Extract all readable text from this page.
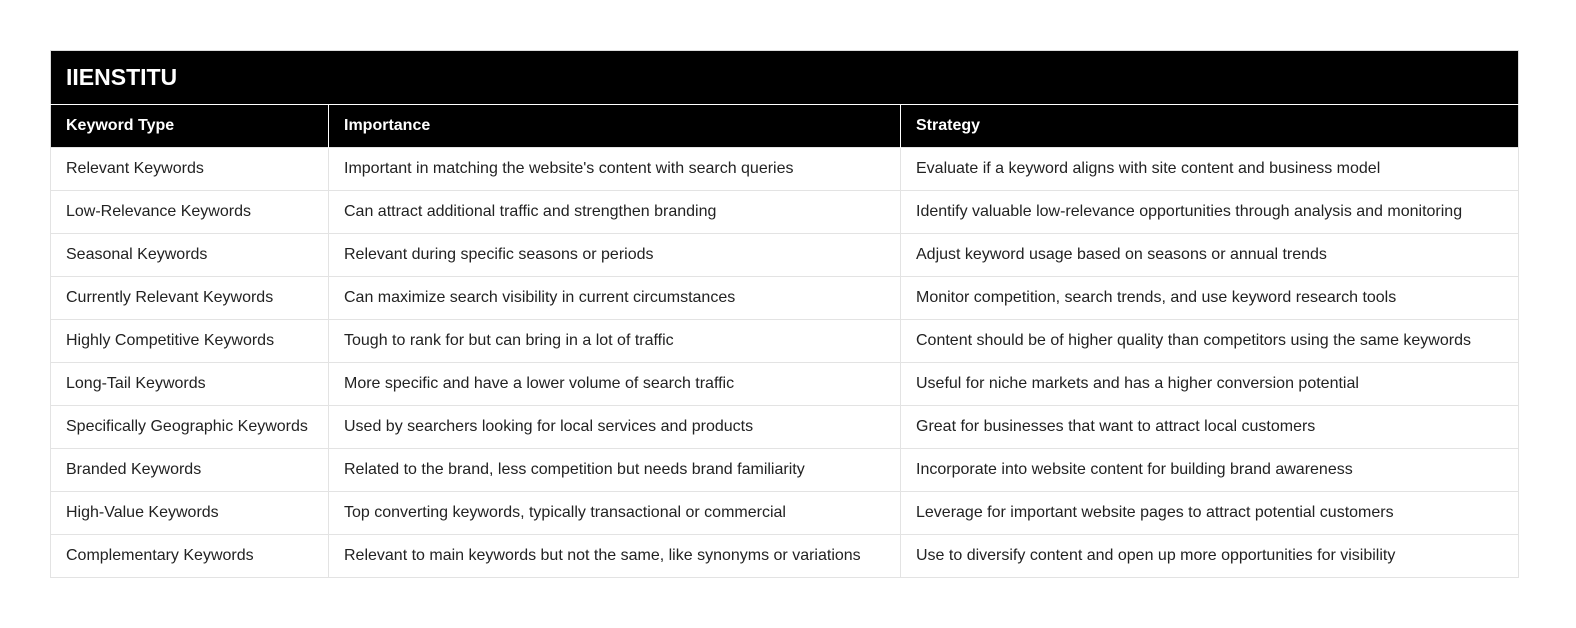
IIENSTITU		
Keyword Type	Importance	Strategy
Relevant Keywords	Important in matching the website's content with search queries	Evaluate if a keyword aligns with site content and business model
Low-Relevance Keywords	Can attract additional traffic and strengthen branding	Identify valuable low-relevance opportunities through analysis and monitoring
Seasonal Keywords	Relevant during specific seasons or periods	Adjust keyword usage based on seasons or annual trends
Currently Relevant Keywords	Can maximize search visibility in current circumstances	Monitor competition, search trends, and use keyword research tools
Highly Competitive Keywords	Tough to rank for but can bring in a lot of traffic	Content should be of higher quality than competitors using the same keywords
Long-Tail Keywords	More specific and have a lower volume of search traffic	Useful for niche markets and has a higher conversion potential
Specifically Geographic Keywords	Used by searchers looking for local services and products	Great for businesses that want to attract local customers
Branded Keywords	Related to the brand, less competition but needs brand familiarity	Incorporate into website content for building brand awareness
High-Value Keywords	Top converting keywords, typically transactional or commercial	Leverage for important website pages to attract potential customers
Complementary Keywords	Relevant to main keywords but not the same, like synonyms or variations	Use to diversify content and open up more opportunities for visibility
